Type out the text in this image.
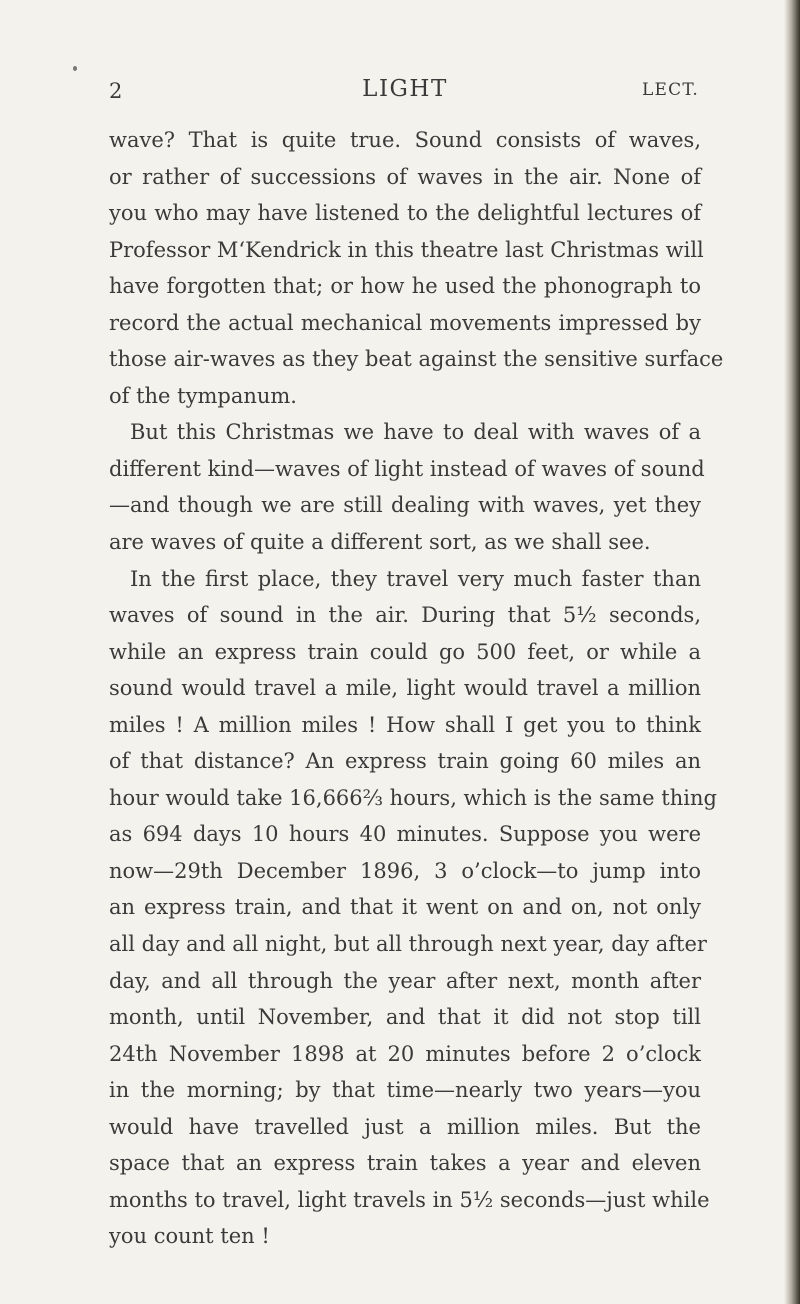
2	LIGHT	LECT.
wave? That is quite true. Sound consists of waves,
or rather of successions of waves in the air. None of
you who may have listened to the delightful lectures of
Professor M‘Kendrick in this theatre last Christmas will
have forgotten that; or how he used the phonograph to
record the actual mechanical movements impressed by
those air-waves as they beat against the sensitive surface
of the tympanum.
But this Christmas we have to deal with waves of a
different kind—waves of light instead of waves of sound
—and though we are still dealing with waves, yet they
are waves of quite a different sort, as we shall see.
In the first place, they travel very much faster than
waves of sound in the air. During that 5½ seconds,
while an express train could go 500 feet, or while a
sound would travel a mile, light would travel a million
miles ! A million miles ! How shall I get you to think
of that distance? An express train going 60 miles an
hour would take 16,666⅔ hours, which is the same thing
as 694 days 10 hours 40 minutes. Suppose you were
now—29th December 1896, 3 o’clock—to jump into
an express train, and that it went on and on, not only
all day and all night, but all through next year, day after
day, and all through the year after next, month after
month, until November, and that it did not stop till
24th November 1898 at 20 minutes before 2 o’clock
in the morning; by that time—nearly two years—you
would have travelled just a million miles. But the
space that an express train takes a year and eleven
months to travel, light travels in 5½ seconds—just while
you count ten !
